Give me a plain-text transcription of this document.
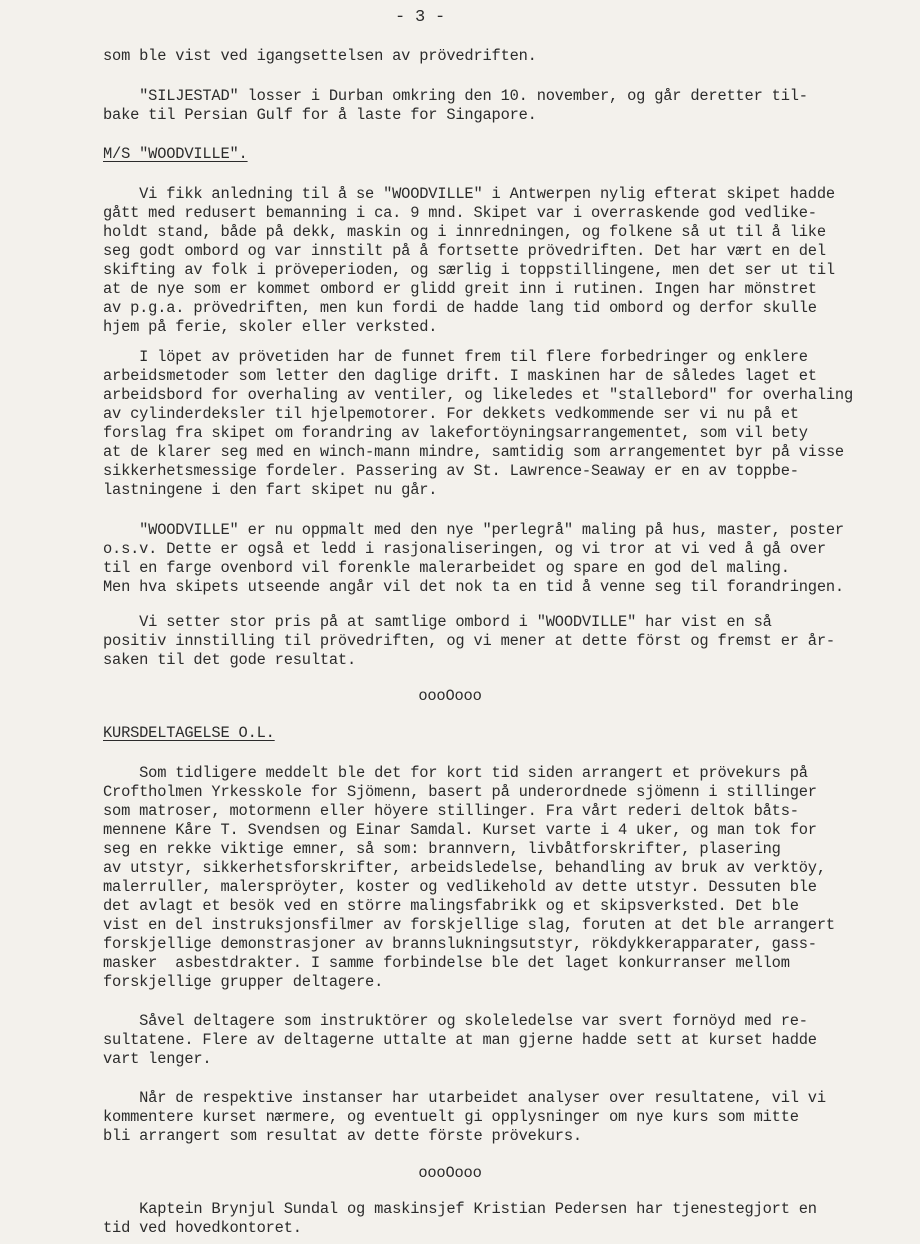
- 3 -
som ble vist ved igangsettelsen av prövedriften.
"SILJESTAD" losser i Durban omkring den 10. november, og går deretter til-
bake til Persian Gulf for å laste for Singapore.
M/S "WOODVILLE".
Vi fikk anledning til å se "WOODVILLE" i Antwerpen nylig efterat skipet hadde
gått med redusert bemanning i ca. 9 mnd. Skipet var i overraskende god vedlike-
holdt stand, både på dekk, maskin og i innredningen, og folkene så ut til å like
seg godt ombord og var innstilt på å fortsette prövedriften. Det har vært en del
skifting av folk i pröveperioden, og særlig i toppstillingene, men det ser ut til
at de nye som er kommet ombord er glidd greit inn i rutinen. Ingen har mönstret
av p.g.a. prövedriften, men kun fordi de hadde lang tid ombord og derfor skulle
hjem på ferie, skoler eller verksted.
I löpet av prövetiden har de funnet frem til flere forbedringer og enklere
arbeidsmetoder som letter den daglige drift. I maskinen har de således laget et
arbeidsbord for overhaling av ventiler, og likeledes et "stallebord" for overhaling
av cylinderdeksler til hjelpemotorer. For dekkets vedkommende ser vi nu på et
forslag fra skipet om forandring av lakefortöyningsarrangementet, som vil bety
at de klarer seg med en winch-mann mindre, samtidig som arrangementet byr på visse
sikkerhetsmessige fordeler. Passering av St. Lawrence-Seaway er en av toppbe-
lastningene i den fart skipet nu går.
"WOODVILLE" er nu oppmalt med den nye "perlegrå" maling på hus, master, poster
o.s.v. Dette er også et ledd i rasjonaliseringen, og vi tror at vi ved å gå over
til en farge ovenbord vil forenkle malerarbeidet og spare en god del maling.
Men hva skipets utseende angår vil det nok ta en tid å venne seg til forandringen.
Vi setter stor pris på at samtlige ombord i "WOODVILLE" har vist en så
positiv innstilling til prövedriften, og vi mener at dette först og fremst er år-
saken til det gode resultat.
oooOooo
KURSDELTAGELSE O.L.
Som tidligere meddelt ble det for kort tid siden arrangert et prövekurs på
Croftholmen Yrkesskole for Sjömenn, basert på underordnede sjömenn i stillinger
som matroser, motormenn eller höyere stillinger. Fra vårt rederi deltok båts-
mennene Kåre T. Svendsen og Einar Samdal. Kurset varte i 4 uker, og man tok for
seg en rekke viktige emner, så som: brannvern, livbåtforskrifter, plasering
av utstyr, sikkerhetsforskrifter, arbeidsledelse, behandling av bruk av verktöy,
malerruller, malerspröyter, koster og vedlikehold av dette utstyr. Dessuten ble
det avlagt et besök ved en större malingsfabrikk og et skipsverksted. Det ble
vist en del instruksjonsfilmer av forskjellige slag, foruten at det ble arrangert
forskjellige demonstrasjoner av brannslukningsutstyr, rökdykkerapparater, gass-
masker  asbestdrakter. I samme forbindelse ble det laget konkurranser mellom
forskjellige grupper deltagere.
Såvel deltagere som instruktörer og skoleledelse var svert fornöyd med re-
sultatene. Flere av deltagerne uttalte at man gjerne hadde sett at kurset hadde
vart lenger.
Når de respektive instanser har utarbeidet analyser over resultatene, vil vi
kommentere kurset nærmere, og eventuelt gi opplysninger om nye kurs som mitte
bli arrangert som resultat av dette förste prövekurs.
oooOooo
Kaptein Brynjul Sundal og maskinsjef Kristian Pedersen har tjenestegjort en
tid ved hovedkontoret.
